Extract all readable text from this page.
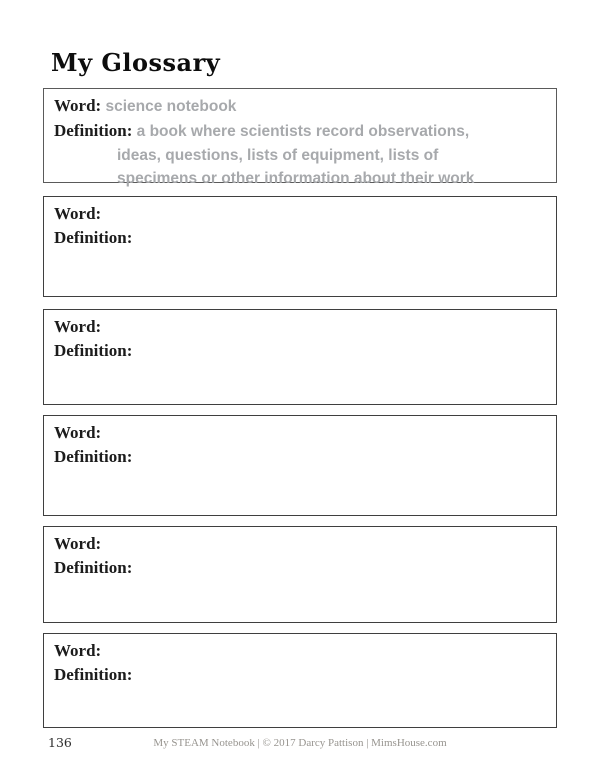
My Glossary
Word: science notebook
Definition: a book where scientists record observations,
ideas, questions, lists of equipment, lists of
specimens or other information about their work
Word:
Definition:
Word:
Definition:
Word:
Definition:
Word:
Definition:
Word:
Definition:
136	My STEAM Notebook | © 2017 Darcy Pattison | MimsHouse.com
